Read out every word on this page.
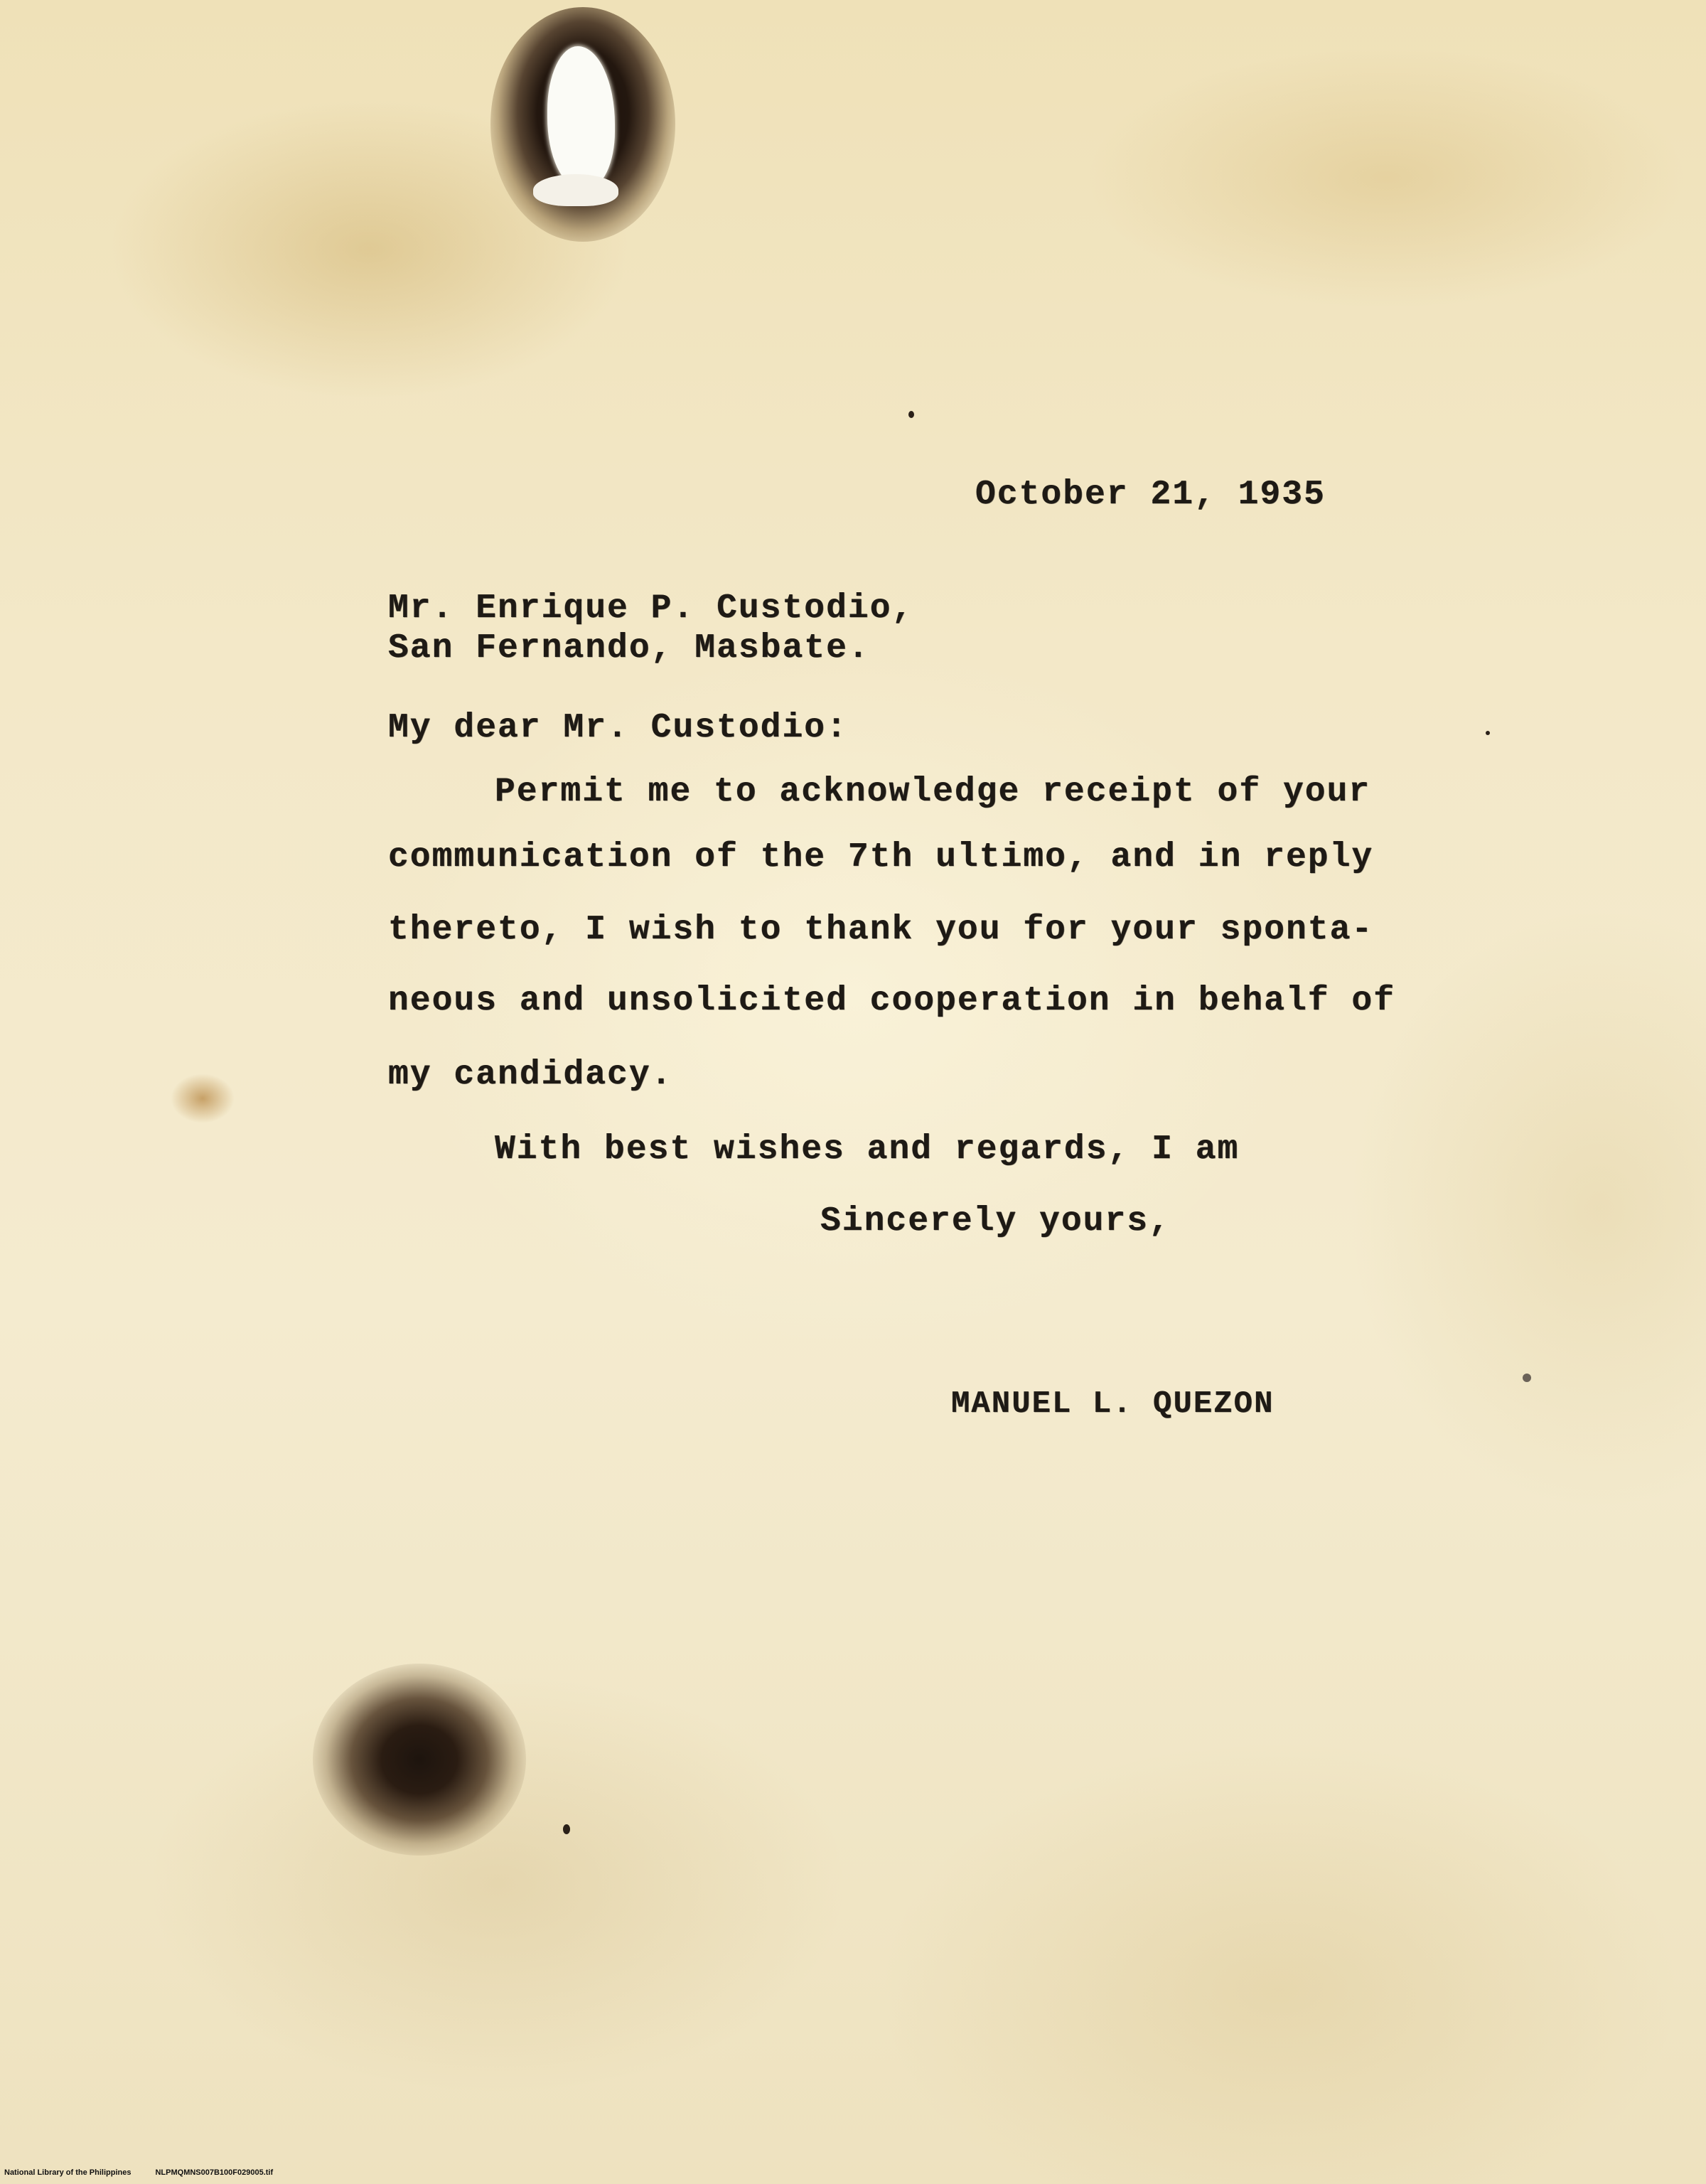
October 21, 1935
Mr. Enrique P. Custodio,
San Fernando, Masbate.
My dear Mr. Custodio:
Permit me to acknowledge receipt of your
communication of the 7th ultimo, and in reply
thereto, I wish to thank you for your sponta-
neous and unsolicited cooperation in behalf of
my candidacy.
With best wishes and regards, I am
Sincerely yours,
MANUEL L. QUEZON
National Library of the Philippines	NLPMQMNS007B100F029005.tif
